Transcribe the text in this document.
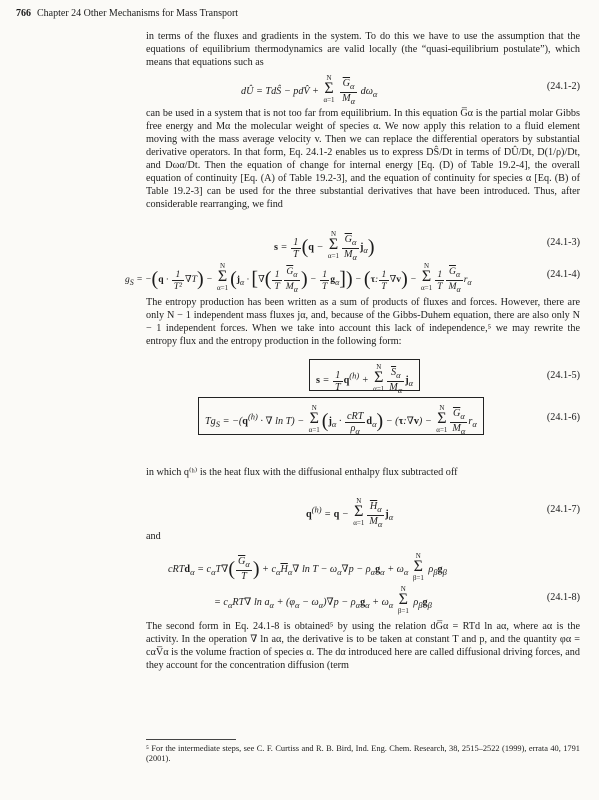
766 Chapter 24 Other Mechanisms for Mass Transport
in terms of the fluxes and gradients in the system. To do this we have to use the assumption that the equations of equilibrium thermodynamics are valid locally (the “quasi-equilibrium postulate”), which means that equations such as
dÛ = TdŜ − pdV̂ + N
Σ
$\alpha=1 \frac{\overline{G}_\alpha}{M_\alpha} d\omega_\alpha$
(24.1-2)
can be used in a system that is not too far from equilibrium. In this equation G̅α is the partial molar Gibbs free energy and Mα the molecular weight of species α. We now apply this relation to a fluid element moving with the mass average velocity v. Then we can replace the differential operators by substantial derivative operators. In that form, Eq. 24.1-2 enables us to express DŜ/Dt in terms of DÛ/Dt, D(1/ρ)/Dt, and Dωα/Dt. Then the equation of change for internal energy [Eq. (D) of Table 19.2-4], the overall equation of continuity [Eq. (A) of Table 19.2-3], and the equation of continuity for species α [Eq. (B) of Table 19.2-3] can be used for the three substantial derivatives that have been introduced. Thus, after considerable rearranging, we find
$s = \frac{1}{T} (q - N$
Σ
$\alpha=1 \frac{\overline{G}_\alpha}{M_\alpha} j_\alpha$)	(24.1-3)
$g_S = -(q \cdot \frac{1}{\text{T²}} \nabla T) - N$
Σ
α=1 ($j_\alpha$ · [∇( $\frac{1}{T} \frac{\overline{G}_\alpha}{M_\alpha}$ ) − $\frac{1}{T} g_\alpha]) - (\tau$: $\frac{1}{T} \nabla v) - N$
Σ
$\alpha=1 \frac{1}{T} \frac{\overline{G}_\alpha}{M_\alpha} r_\alpha$
(24.1-4)
The entropy production has been written as a sum of products of fluxes and forces. However, there are only N − 1 independent mass fluxes jα, and, because of the Gibbs-Duhem equation, there are also only N − 1 independent forces. When we take into account this lack of independence,⁵ we may rewrite the entropy flux and the entropy production in the following form:
$s = \frac{1}{T} q^{(h)} + N$
Σ
$\alpha=1 \frac{\overline{S}_\alpha}{M_\alpha} j_\alpha$
(24.1-5)
$Tg_S = -(q^{(h)}$ · ∇ ln T) − N
Σ
α=1 $(j_\alpha \cdot \frac{\text{cRT}}{\rho_\alpha} d_\alpha)$ − (τ:∇v) − N
Σ
$\alpha=1 \frac{\overline{G}_\alpha}{M_\alpha} r_\alpha$
(24.1-6)
in which q⁽ʰ⁾ is the heat flux with the diffusional enthalpy flux subtracted off
$q^{(h)} = q - N$
Σ
$\alpha=1 \frac{\overline{H}_\alpha}{M_\alpha} j_\alpha$
(24.1-7)
and
cRTd$_\alpha$ = $c_\alpha T\nabla( \frac{\overline{G}_\alpha}{T}$ ) + $c_\alpha\overline{H}_\alpha\nabla$ $\ln T - \omega_\alpha\nabla p - \rho_\alpha g_\alpha + \omega_\alpha$ N
Σ
β=1 $\rho_\beta g_\beta$
= $c_\alpha RT\nabla$ $\ln a_\alpha + (\varphi_\alpha - \omega_\alpha)\nabla p - \rho_\alpha g_\alpha + \omega_\alpha$ N
Σ
β=1 $\rho_\beta g_\beta$
(24.1-8)
The second form in Eq. 24.1-8 is obtained⁵ by using the relation dG̅α = RTd ln aα, where aα is the activity. In the operation ∇ ln aα, the derivative is to be taken at constant T and p, and the quantity φα = cαV̅α is the volume fraction of species α. The dα introduced here are called diffusional driving forces, and they account for the concentration diffusion (term
⁵ For the intermediate steps, see C. F. Curtiss and R. B. Bird, Ind. Eng. Chem. Research, 38, 2515–2522 (1999), errata 40, 1791 (2001).
